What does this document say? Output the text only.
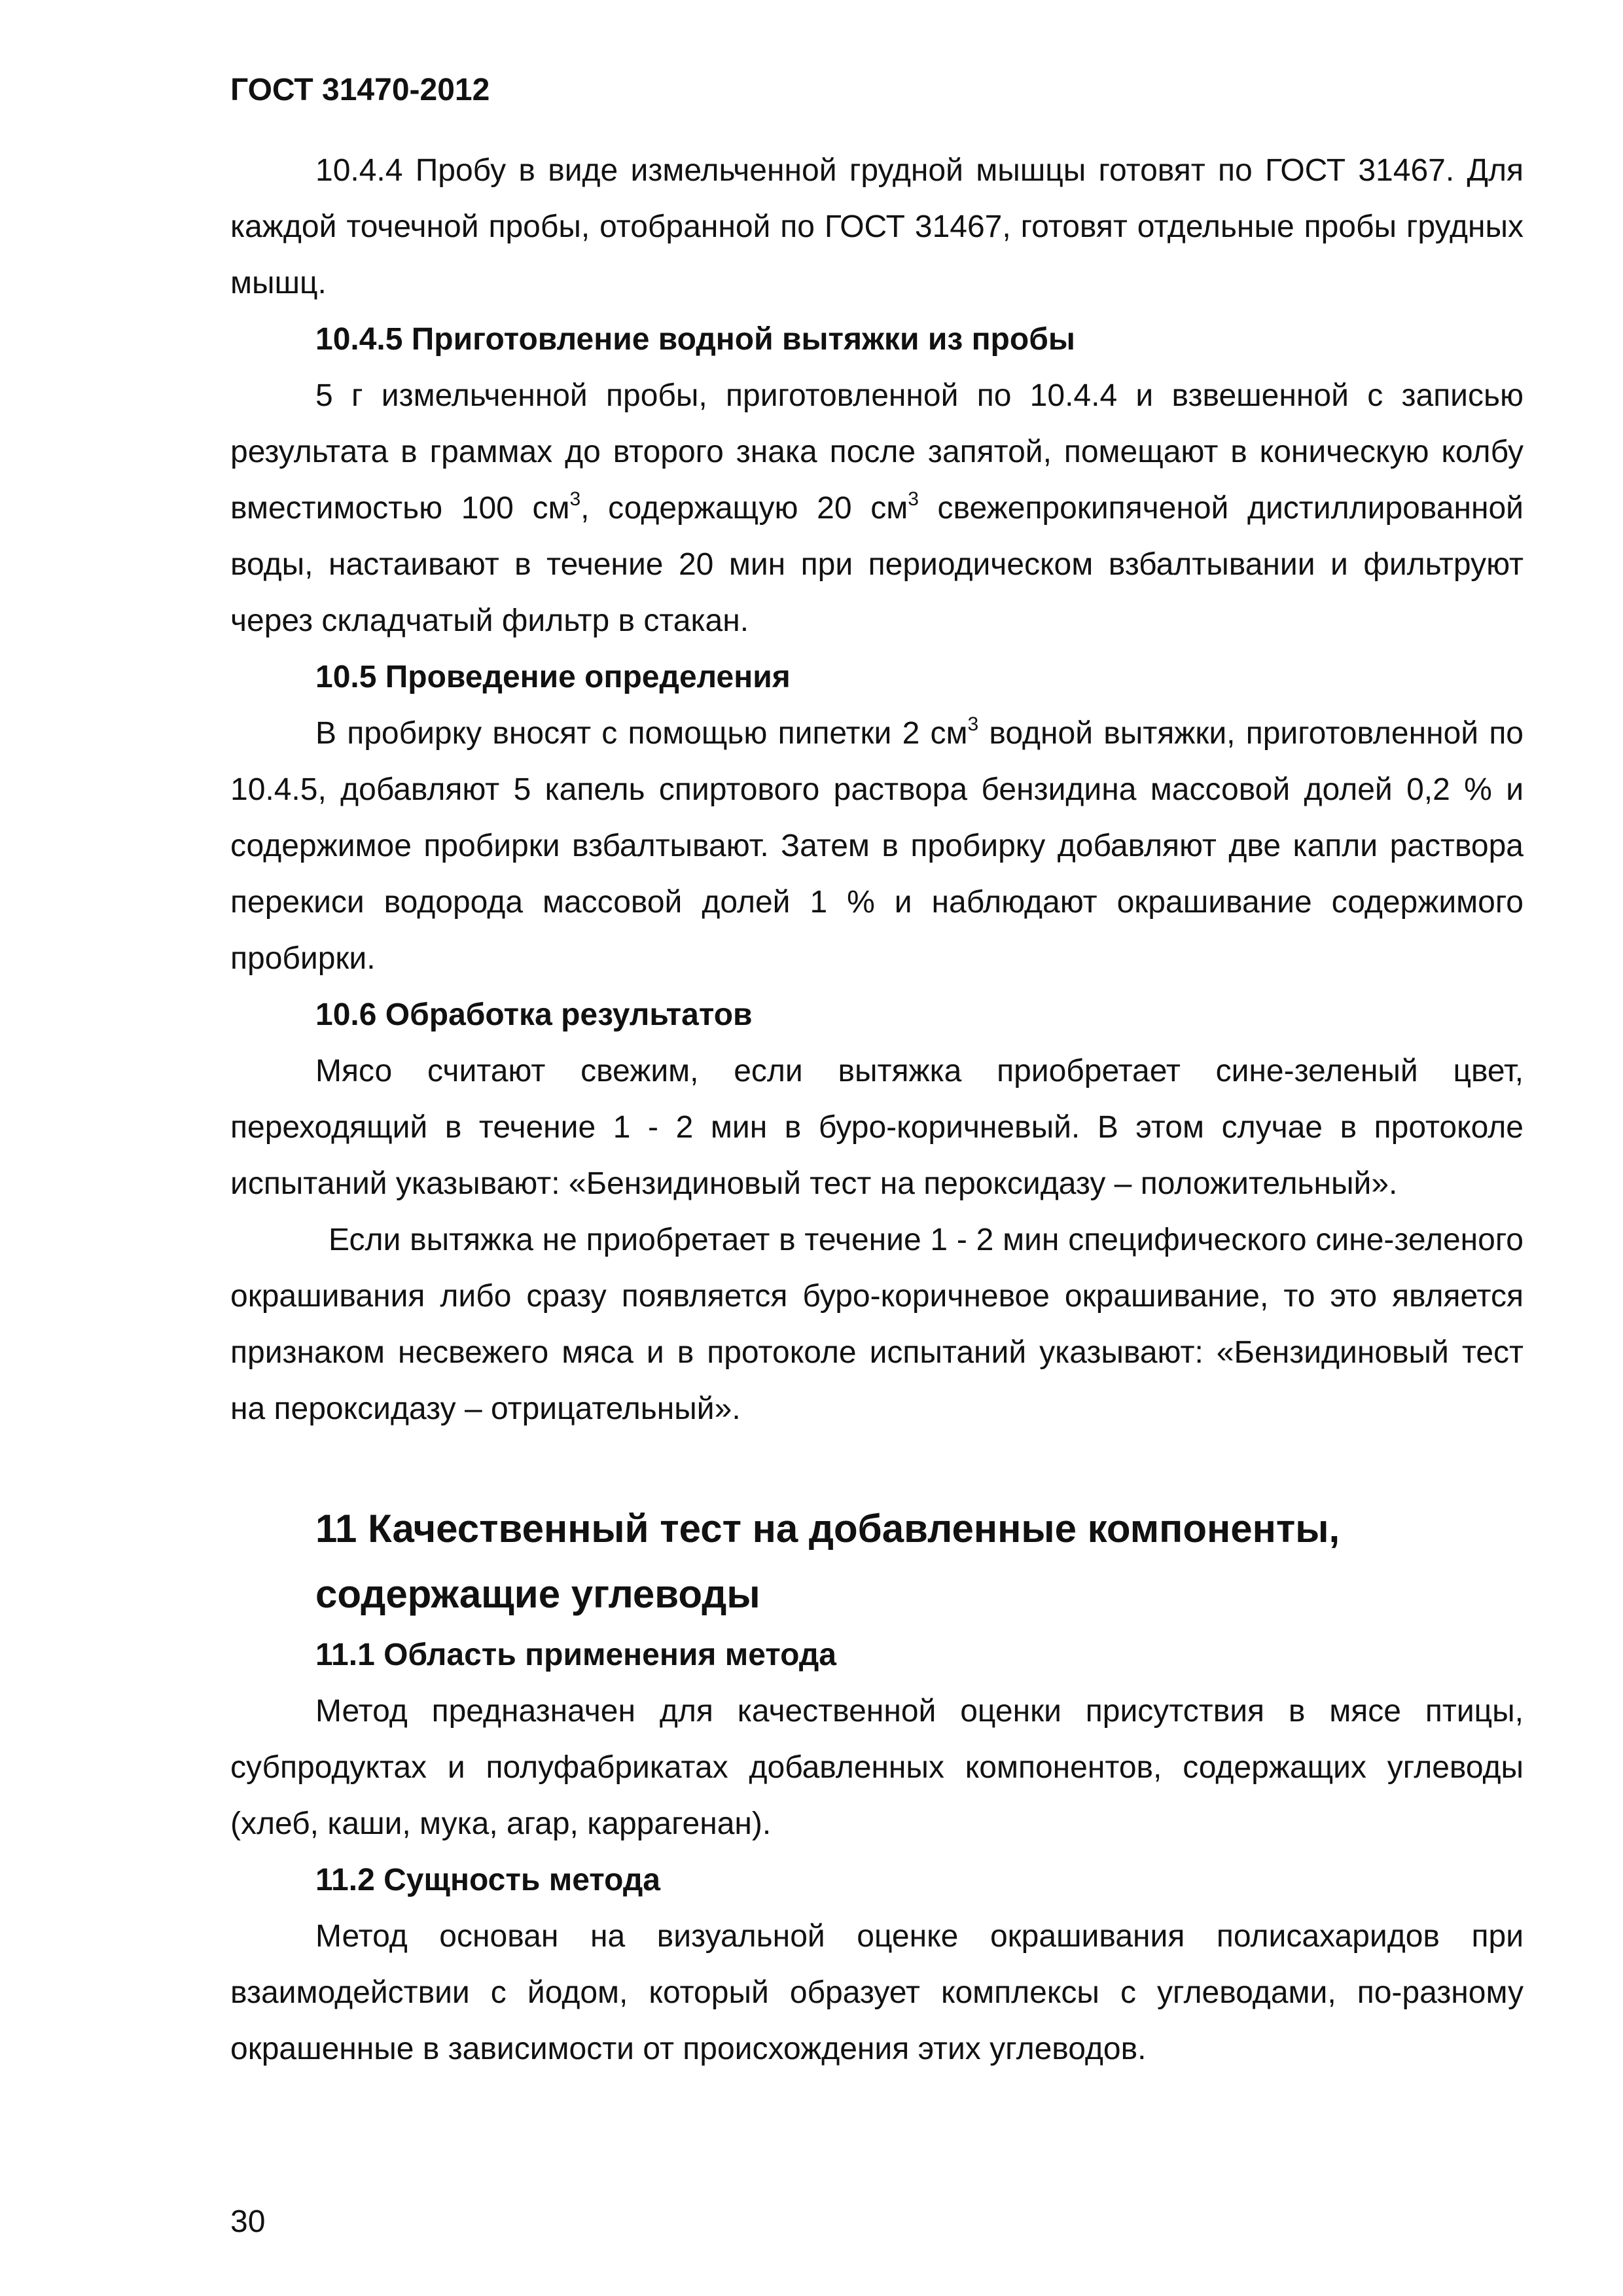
ГОСТ 31470-2012

10.4.4 Пробу в виде измельченной грудной мышцы готовят по ГОСТ 31467. Для каждой точечной пробы, отобранной по ГОСТ 31467, готовят отдельные пробы грудных мышц.

10.4.5 Приготовление водной вытяжки из пробы

5 г измельченной пробы, приготовленной по 10.4.4 и взвешенной с записью результата в граммах до второго знака после запятой, помещают в коническую колбу вместимостью 100 $см^3$, содержащую 20 $см^3$ свежепрокипяченой дистиллированной воды, настаивают в течение 20 мин при периодическом взбалтывании и фильтруют через складчатый фильтр в стакан.

10.5 Проведение определения

В пробирку вносят с помощью пипетки 2 $см^3$ водной вытяжки, приготовленной по 10.4.5, добавляют 5 капель спиртового раствора бензидина массовой долей 0,2 % и содержимое пробирки взбалтывают. Затем в пробирку добавляют две капли раствора перекиси водорода массовой долей 1 % и наблюдают окрашивание содержимого пробирки.

10.6 Обработка результатов

Мясо считают свежим, если вытяжка приобретает сине-зеленый цвет, переходящий в течение 1 - 2 мин в буро-коричневый. В этом случае в протоколе испытаний указывают: «Бензидиновый тест на пероксидазу – положительный».

Если вытяжка не приобретает в течение 1 - 2 мин специфического сине-зеленого окрашивания либо сразу появляется буро-коричневое окрашивание, то это является признаком несвежего мяса и в протоколе испытаний указывают: «Бензидиновый тест на пероксидазу – отрицательный».

11 Качественный тест на добавленные компоненты, содержащие углеводы

11.1 Область применения метода

Метод предназначен для качественной оценки присутствия в мясе птицы, субпродуктах и полуфабрикатах добавленных компонентов, содержащих углеводы (хлеб, каши, мука, агар, каррагенан).

11.2 Сущность метода

Метод основан на визуальной оценке окрашивания полисахаридов при взаимодействии с йодом, который образует комплексы с углеводами, по-разному окрашенные в зависимости от происхождения этих углеводов.

30
